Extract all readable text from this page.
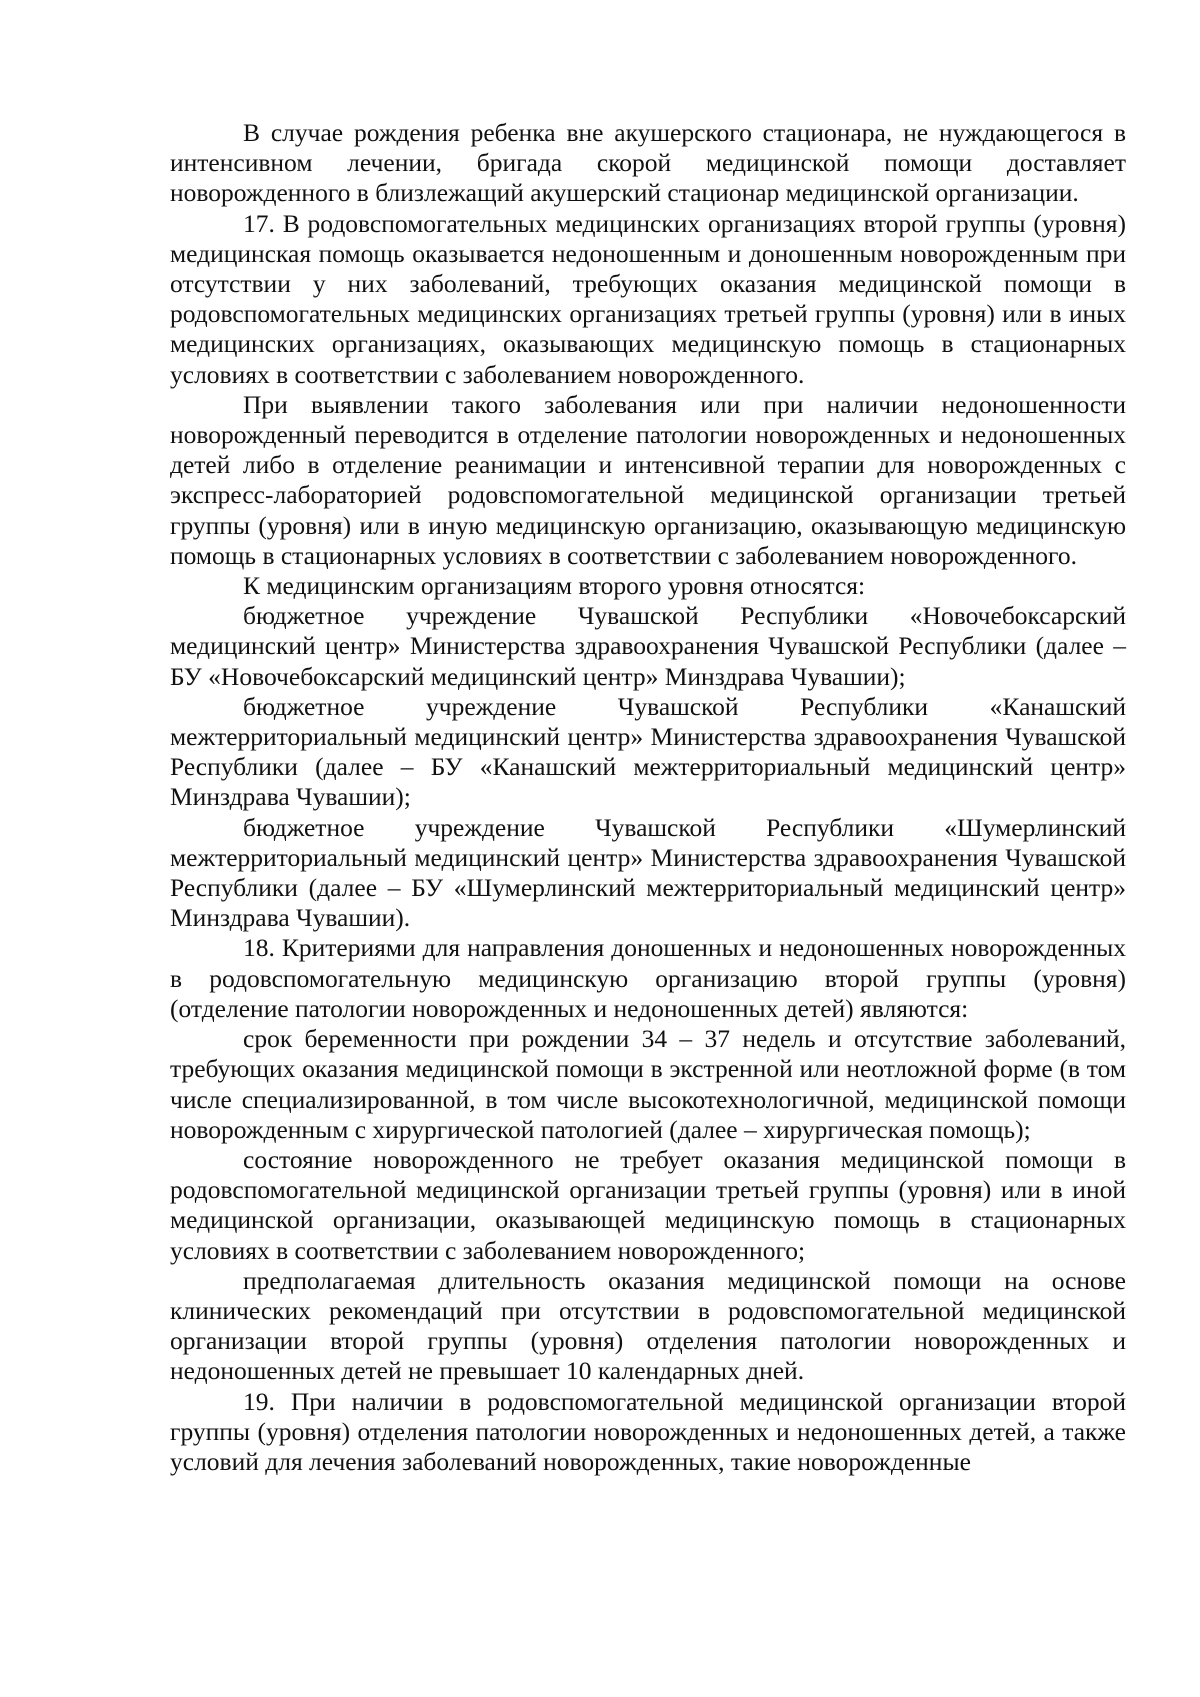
В случае рождения ребенка вне акушерского стационара, не нуждающегося в интенсивном лечении, бригада скорой медицинской помощи доставляет новорожденного в близлежащий акушерский стационар медицинской организации.

17. В родовспомогательных медицинских организациях второй группы (уровня) медицинская помощь оказывается недоношенным и доношенным новорожденным при отсутствии у них заболеваний, требующих оказания медицинской помощи в родовспомогательных медицинских организациях третьей группы (уровня) или в иных медицинских организациях, оказывающих медицинскую помощь в стационарных условиях в соответствии с заболеванием новорожденного.

При выявлении такого заболевания или при наличии недоношенности новорожденный переводится в отделение патологии новорожденных и недоношенных детей либо в отделение реанимации и интенсивной терапии для новорожденных с экспресс-лабораторией родовспомогательной медицинской организации третьей группы (уровня) или в иную медицинскую организацию, оказывающую медицинскую помощь в стационарных условиях в соответствии с заболеванием новорожденного.

К медицинским организациям второго уровня относятся:

бюджетное учреждение Чувашской Республики «Новочебоксарский медицинский центр» Министерства здравоохранения Чувашской Республики (далее – БУ «Новочебоксарский медицинский центр» Минздрава Чувашии);

бюджетное учреждение Чувашской Республики «Канашский межтерриториальный медицинский центр» Министерства здравоохранения Чувашской Республики (далее – БУ «Канашский межтерриториальный медицинский центр» Минздрава Чувашии);

бюджетное учреждение Чувашской Республики «Шумерлинский межтерриториальный медицинский центр» Министерства здравоохранения Чувашской Республики (далее – БУ «Шумерлинский межтерриториальный медицинский центр» Минздрава Чувашии).

18. Критериями для направления доношенных и недоношенных новорожденных в родовспомогательную медицинскую организацию второй группы (уровня) (отделение патологии новорожденных и недоношенных детей) являются:

срок беременности при рождении 34 – 37 недель и отсутствие заболеваний, требующих оказания медицинской помощи в экстренной или неотложной форме (в том числе специализированной, в том числе высокотехнологичной, медицинской помощи новорожденным с хирургической патологией (далее – хирургическая помощь);

состояние новорожденного не требует оказания медицинской помощи в родовспомогательной медицинской организации третьей группы (уровня) или в иной медицинской организации, оказывающей медицинскую помощь в стационарных условиях в соответствии с заболеванием новорожденного;

предполагаемая длительность оказания медицинской помощи на основе клинических рекомендаций при отсутствии в родовспомогательной медицинской организации второй группы (уровня) отделения патологии новорожденных и недоношенных детей не превышает 10 календарных дней.

19. При наличии в родовспомогательной медицинской организации второй группы (уровня) отделения патологии новорожденных и недоношенных детей, а также условий для лечения заболеваний новорожденных, такие новорожденные
